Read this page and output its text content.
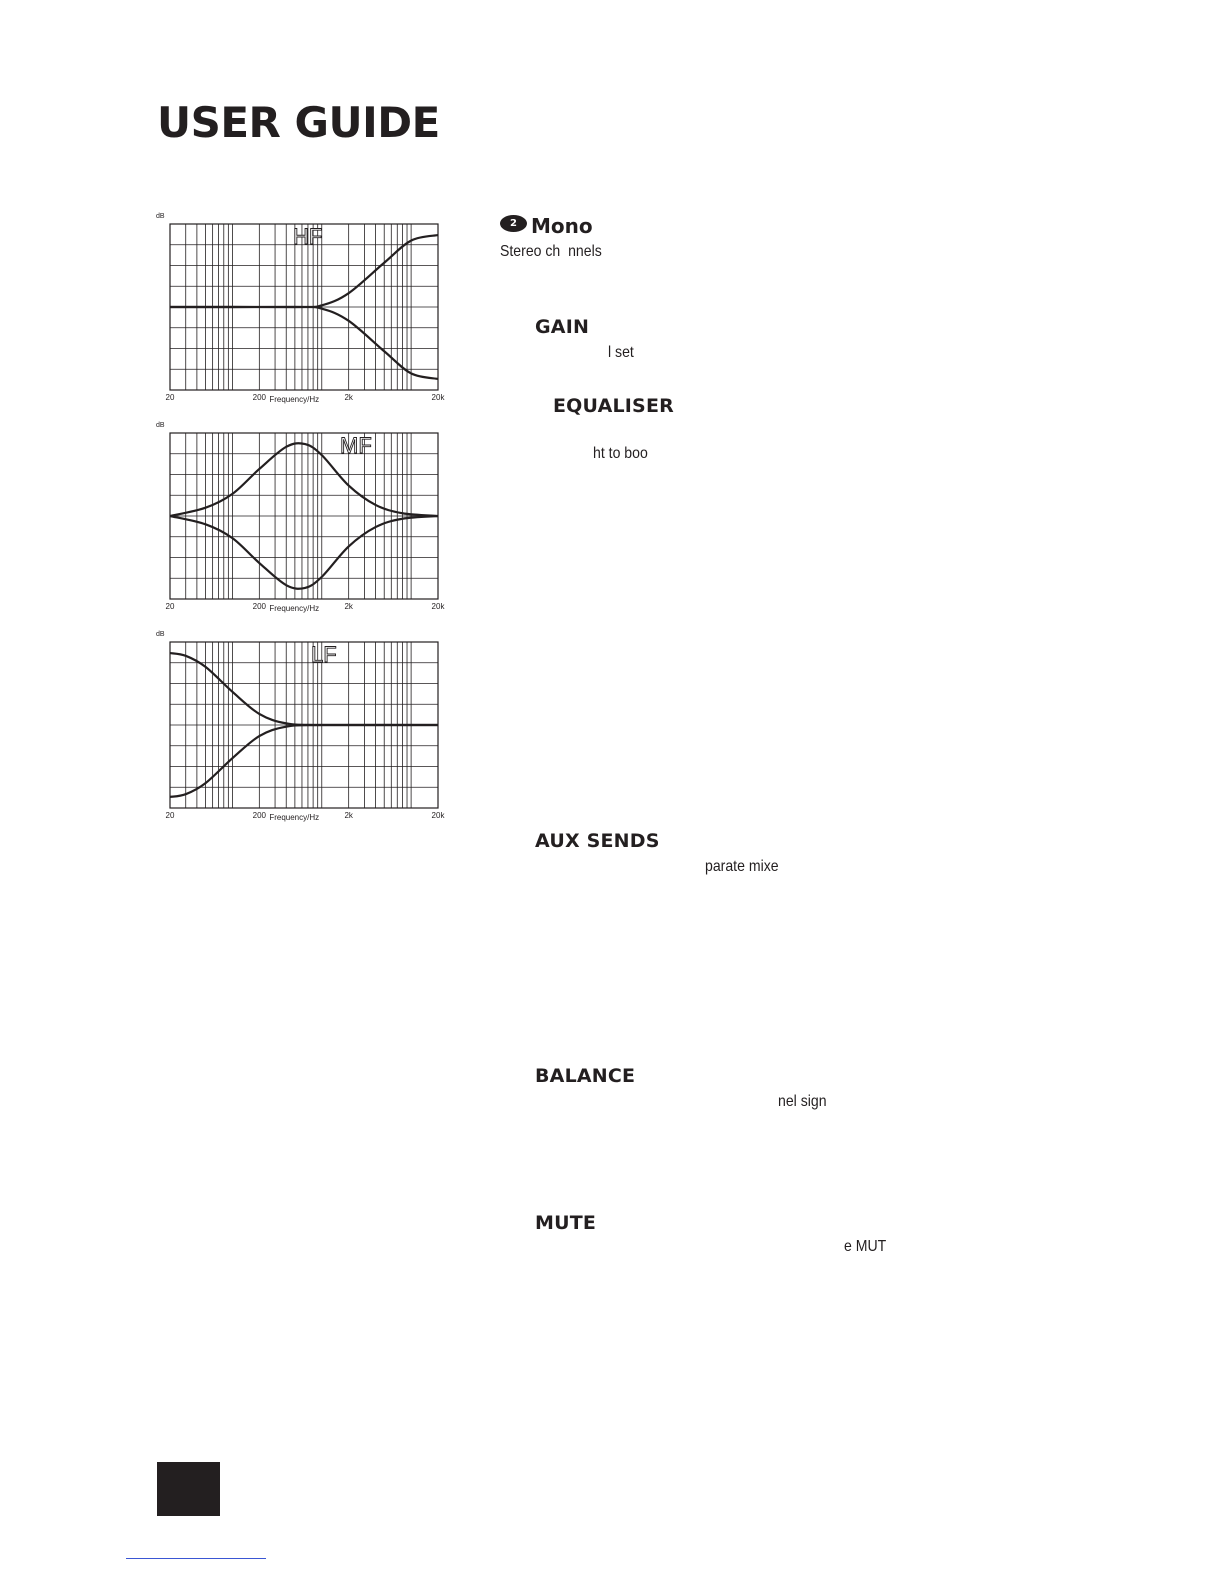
USER GUIDE
HF
dB
20	200	2k	20k
Frequency/Hz
MF
dB
20	200	2k	20k
Frequency/Hz
LF
dB
20	200	2k	20k
Frequency/Hz
2 Mono
Stereo ch  nnels
GAIN
l set
EQUALISER
ht to boo
AUX SENDS
parate mixe
BALANCE
nel sign
MUTE
e MUT
